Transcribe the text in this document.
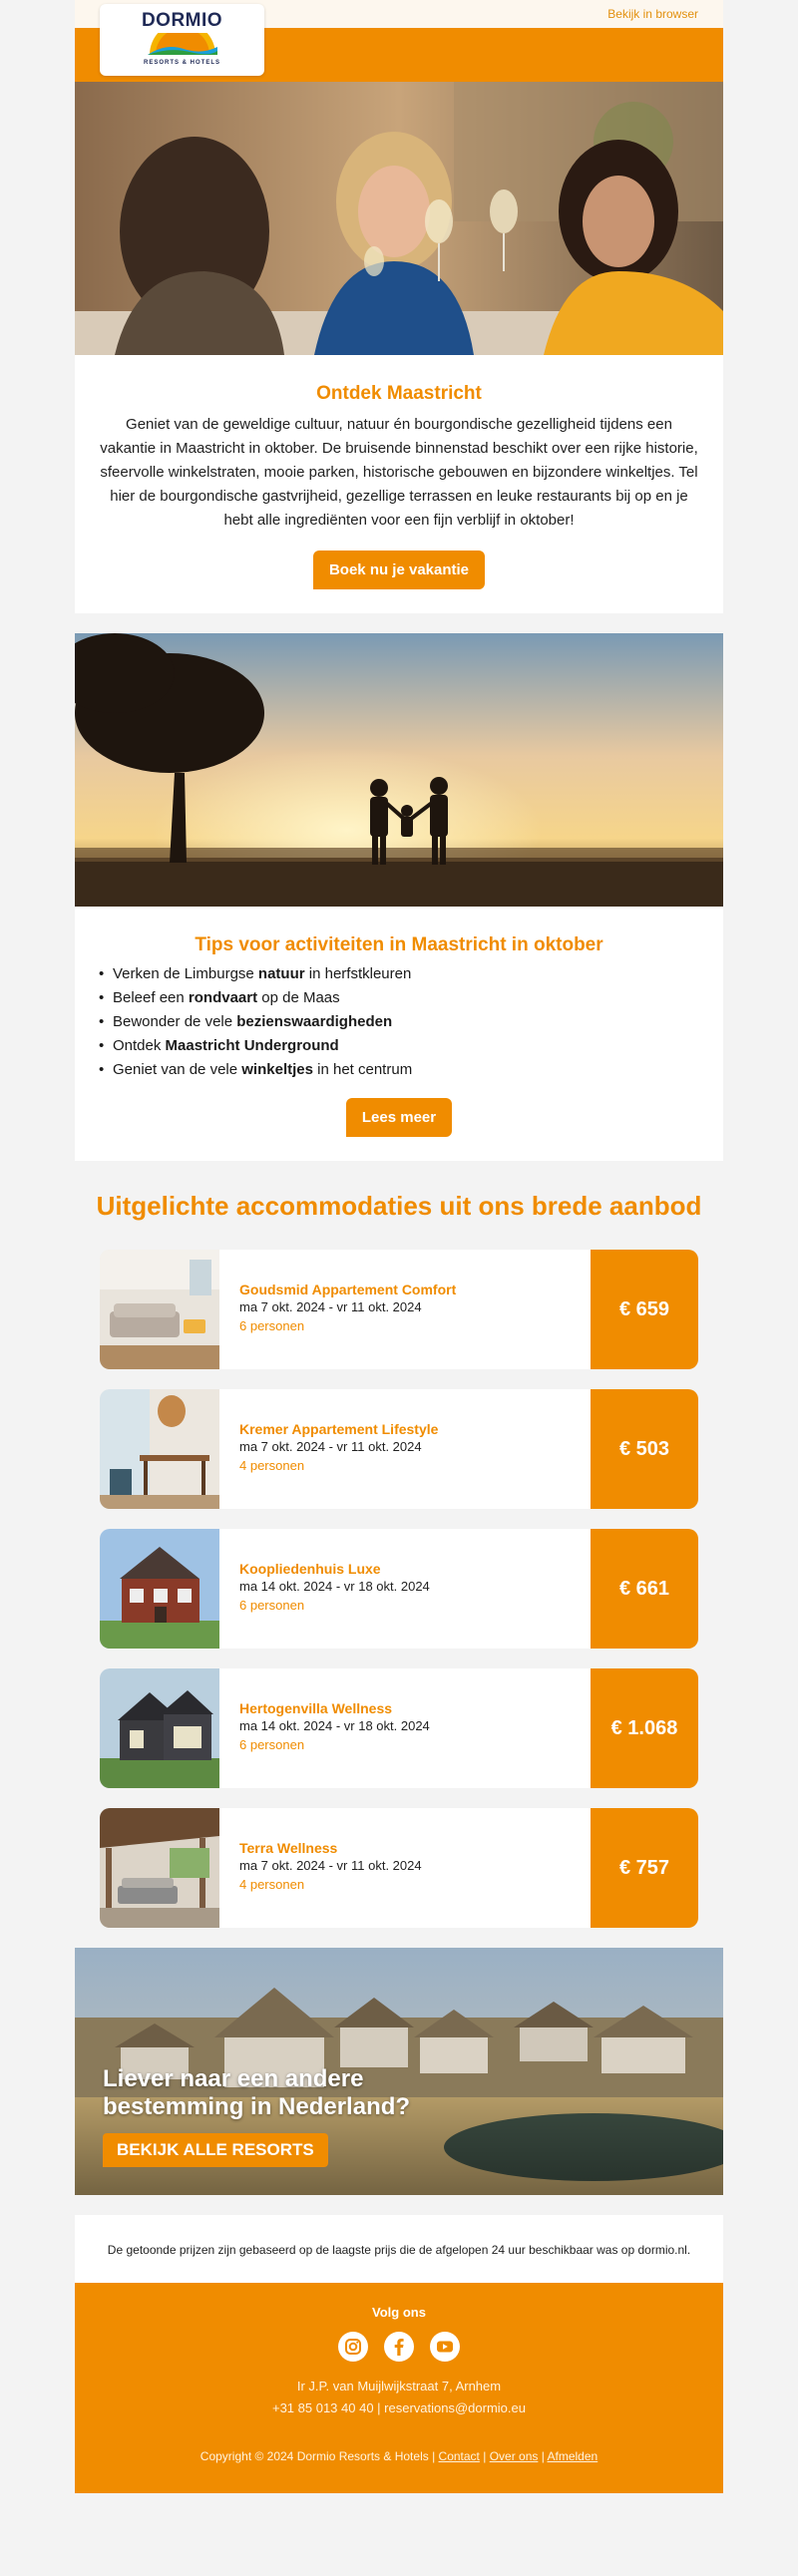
Bekijk in browser
DORMIO
RESORTS & HOTELS
Ontdek Maastricht
Geniet van de geweldige cultuur, natuur én bourgondische gezelligheid tijdens een vakantie in Maastricht in oktober. De bruisende binnenstad beschikt over een rijke historie, sfeervolle winkelstraten, mooie parken, historische gebouwen en bijzondere winkeltjes. Tel hier de bourgondische gastvrijheid, gezellige terrassen en leuke restaurants bij op en je hebt alle ingrediënten voor een fijn verblijf in oktober!
Boek nu je vakantie
Tips voor activiteiten in Maastricht in oktober
• Verken de Limburgse natuur in herfstkleuren
• Beleef een rondvaart op de Maas
• Bewonder de vele bezienswaardigheden
• Ontdek Maastricht Underground
• Geniet van de vele winkeltjes in het centrum
Lees meer
Uitgelichte accommodaties uit ons brede aanbod
Goudsmid Appartement Comfort
ma 7 okt. 2024 - vr 11 okt. 2024
6 personen
€ 659
Kremer Appartement Lifestyle
ma 7 okt. 2024 - vr 11 okt. 2024
4 personen
€ 503
Koopliedenhuis Luxe
ma 14 okt. 2024 - vr 18 okt. 2024
6 personen
€ 661
Hertogenvilla Wellness
ma 14 okt. 2024 - vr 18 okt. 2024
6 personen
€ 1.068
Terra Wellness
ma 7 okt. 2024 - vr 11 okt. 2024
4 personen
€ 757
Liever naar een andere
bestemming in Nederland?
BEKIJK ALLE RESORTS
De getoonde prijzen zijn gebaseerd op de laagste prijs die de afgelopen 24 uur beschikbaar was op dormio.nl.
Volg ons

Ir J.P. van Muijlwijkstraat 7, Arnhem
+31 85 013 40 40 | reservations@dormio.eu
Copyright © 2024 Dormio Resorts & Hotels | Contact | Over ons | Afmelden
